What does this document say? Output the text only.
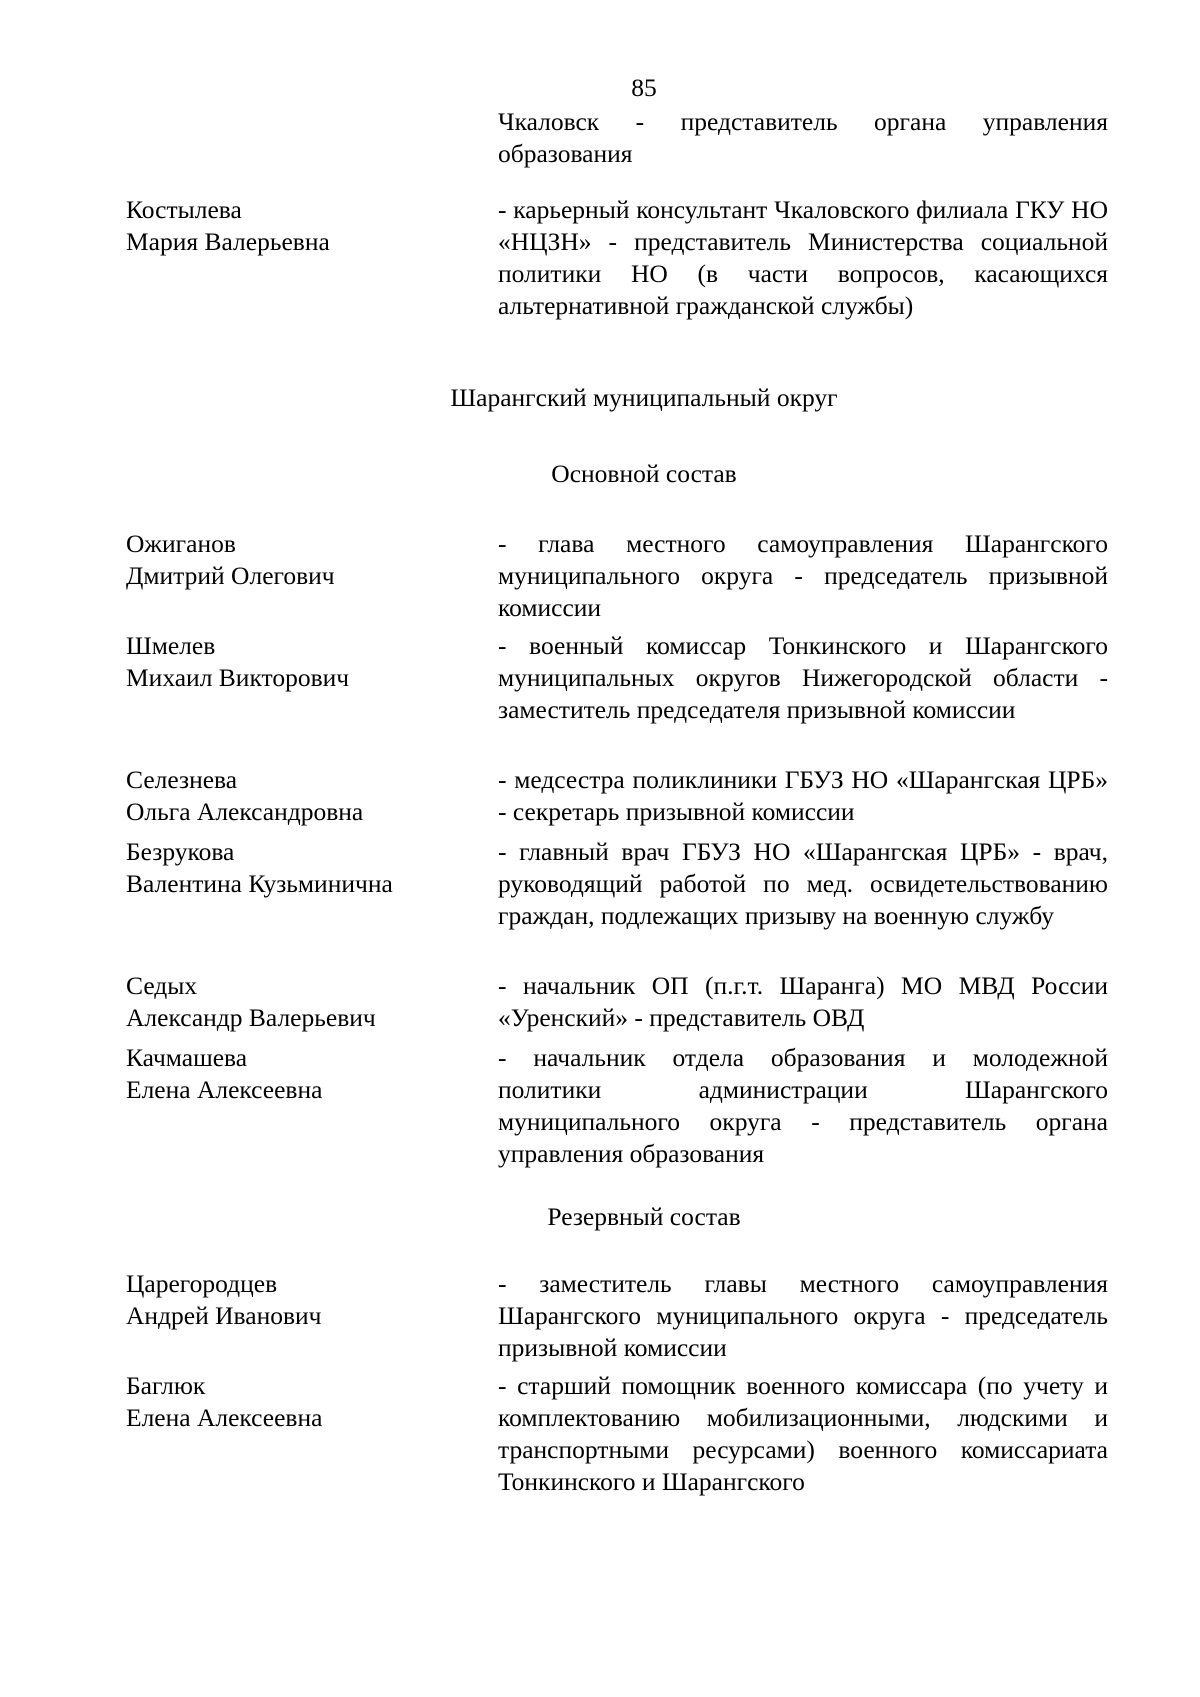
85
Чкаловск - представитель органа управления образования
Костылева
Мария Валерьевна
- карьерный консультант Чкаловского филиала ГКУ НО «НЦЗН» - представитель Министерства социальной политики НО (в части вопросов, касающихся альтернативной гражданской службы)
Шарангский муниципальный округ
Основной состав
Ожиганов
Дмитрий Олегович
- глава местного самоуправления Шарангского муниципального округа - председатель призывной комиссии
Шмелев
Михаил Викторович
- военный комиссар Тонкинского и Шарангского муниципальных округов Нижегородской области - заместитель председателя призывной комиссии
Селезнева
Ольга Александровна
- медсестра поликлиники ГБУЗ НО «Шарангская ЦРБ» - секретарь призывной комиссии
Безрукова
Валентина Кузьминична
- главный врач ГБУЗ НО «Шарангская ЦРБ» - врач, руководящий работой по мед. освидетельствованию граждан, подлежащих призыву на военную службу
Седых
Александр Валерьевич
- начальник ОП (п.г.т. Шаранга) МО МВД России «Уренский» - представитель ОВД
Качмашева
Елена Алексеевна
- начальник отдела образования и молодежной политики администрации Шарангского муниципального округа - представитель органа управления образования
Резервный состав
Царегородцев
Андрей Иванович
- заместитель главы местного самоуправления Шарангского муниципального округа - председатель призывной комиссии
Баглюк
Елена Алексеевна
- старший помощник военного комиссара (по учету и комплектованию мобилизационными, людскими и транспортными ресурсами) военного комиссариата Тонкинского и Шарангского
